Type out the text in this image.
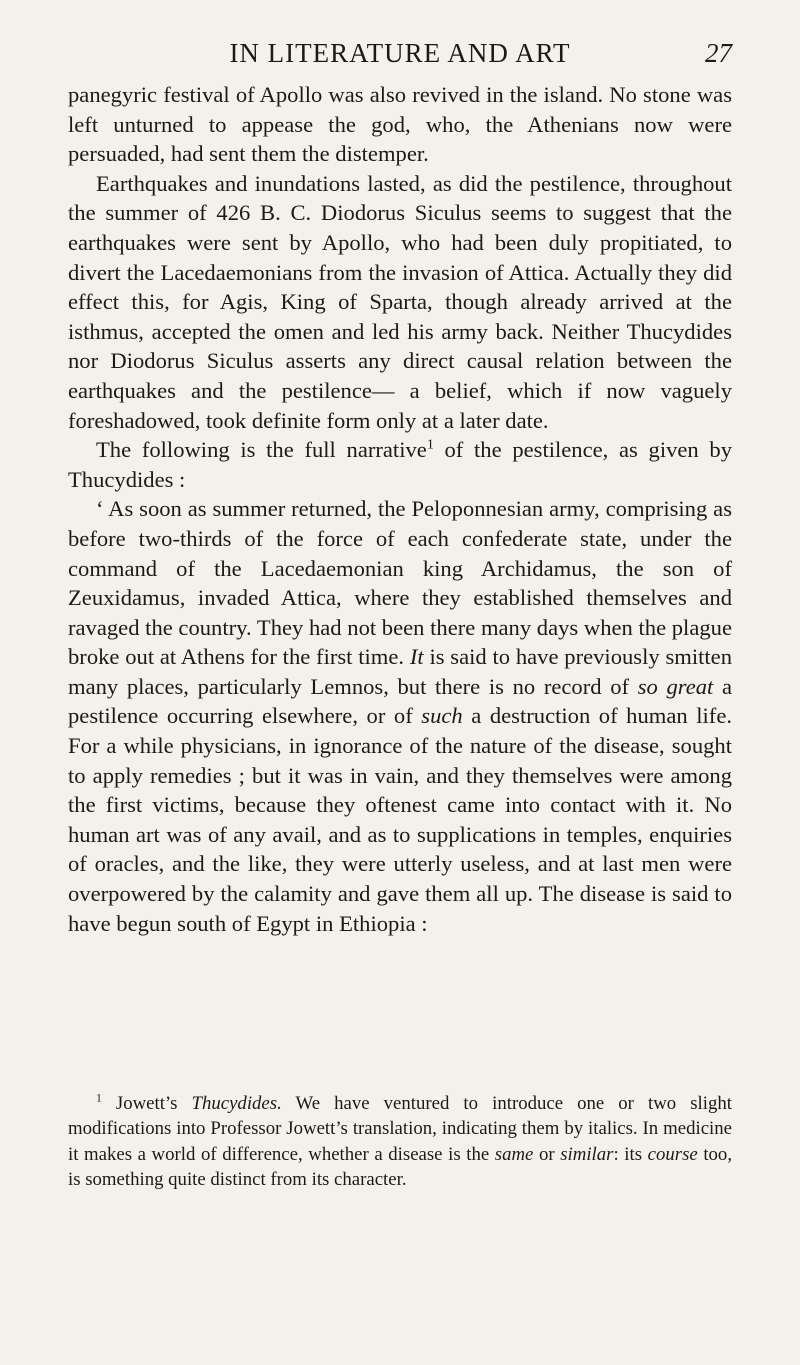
IN LITERATURE AND ART	27

panegyric festival of Apollo was also revived in the island. No stone was left unturned to appease the god, who, the Athenians now were persuaded, had sent them the distemper.

Earthquakes and inundations lasted, as did the pestilence, throughout the summer of 426 B. C. Diodorus Siculus seems to suggest that the earthquakes were sent by Apollo, who had been duly propitiated, to divert the Lacedaemonians from the invasion of Attica. Actually they did effect this, for Agis, King of Sparta, though already arrived at the isthmus, accepted the omen and led his army back. Neither Thucydides nor Diodorus Siculus asserts any direct causal relation between the earthquakes and the pestilence— a belief, which if now vaguely foreshadowed, took definite form only at a later date.

The following is the full narrative$^1$ of the pestilence, as given by Thucydides :

‘ As soon as summer returned, the Peloponnesian army, comprising as before two-thirds of the force of each confederate state, under the command of the Lacedaemonian king Archidamus, the son of Zeuxidamus, invaded Attica, where they established themselves and ravaged the country. They had not been there many days when the plague broke out at Athens for the first time. It is said to have previously smitten many places, particularly Lemnos, but there is no record of so great a pestilence occurring elsewhere, or of such a destruction of human life. For a while physicians, in ignorance of the nature of the disease, sought to apply remedies ; but it was in vain, and they themselves were among the first victims, because they oftenest came into contact with it. No human art was of any avail, and as to supplications in temples, enquiries of oracles, and the like, they were utterly useless, and at last men were overpowered by the calamity and gave them all up. The disease is said to have begun south of Egypt in Ethiopia :

$^1$ Jowett’s Thucydides. We have ventured to introduce one or two slight modifications into Professor Jowett’s translation, indicating them by italics. In medicine it makes a world of difference, whether a disease is the same or similar: its course too, is something quite distinct from its character.
